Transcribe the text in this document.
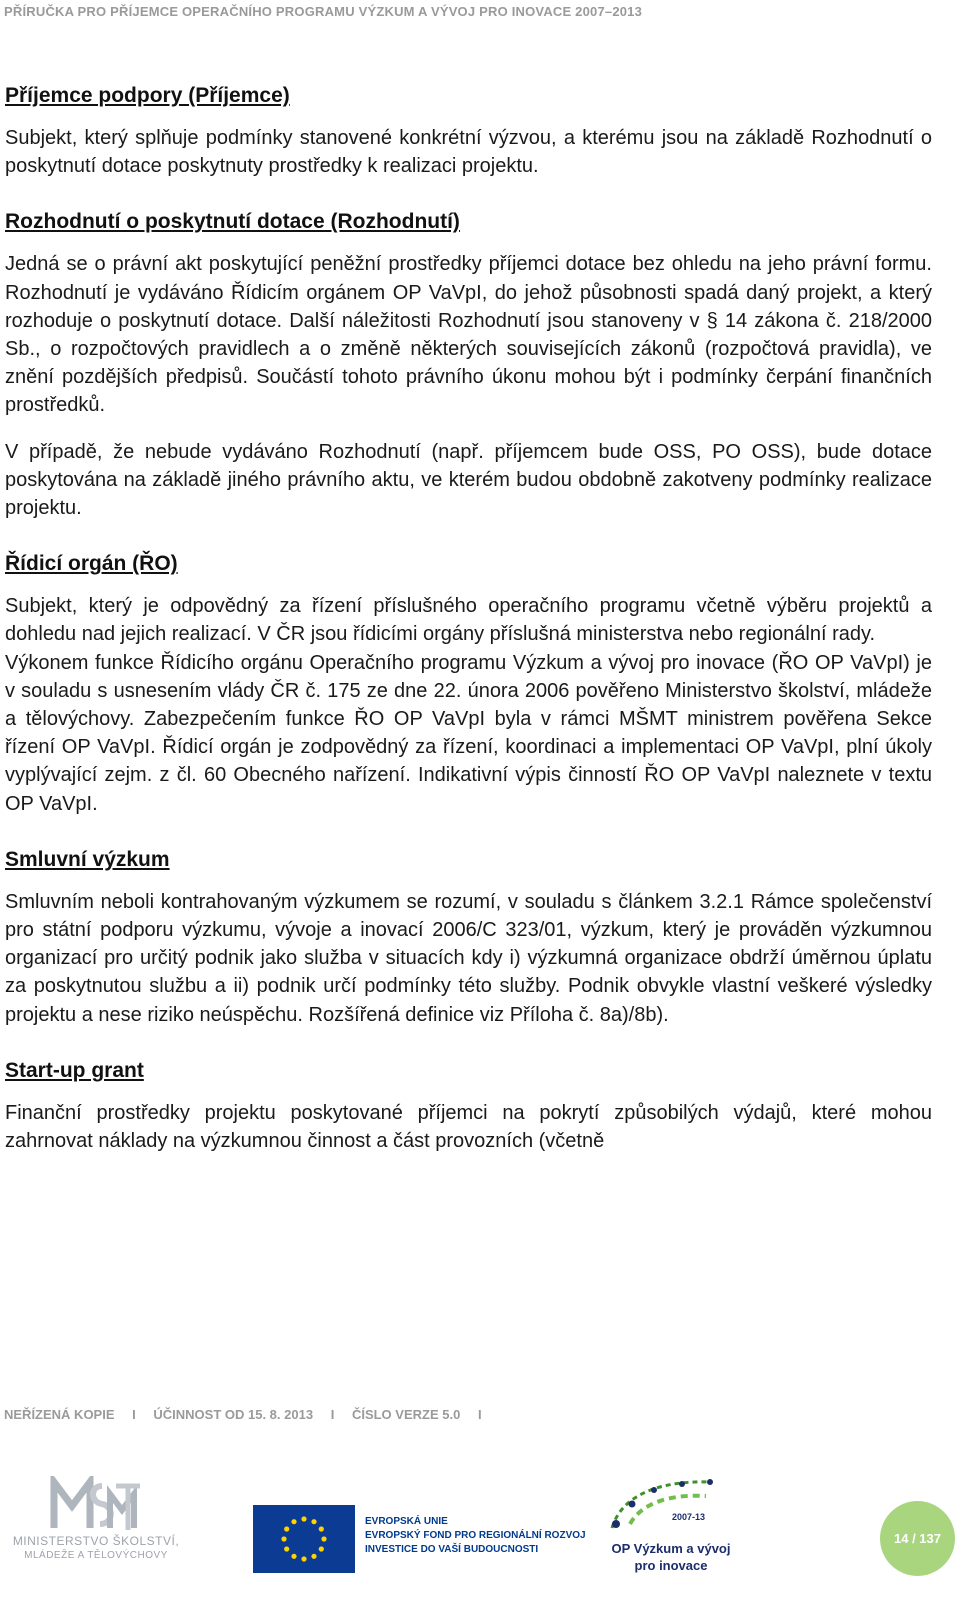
PŘÍRUČKA PRO PŘÍJEMCE OPERAČNÍHO PROGRAMU VÝZKUM A VÝVOJ PRO INOVACE 2007–2013
Příjemce podpory (Příjemce)

Subjekt, který splňuje podmínky stanovené konkrétní výzvou, a kterému jsou na základě Rozhodnutí o poskytnutí dotace poskytnuty prostředky k realizaci projektu.

Rozhodnutí o poskytnutí dotace (Rozhodnutí)

Jedná se o právní akt poskytující peněžní prostředky příjemci dotace bez ohledu na jeho právní formu. Rozhodnutí je vydáváno Řídicím orgánem OP VaVpI, do jehož působnosti spadá daný projekt, a který rozhoduje o poskytnutí dotace. Další náležitosti Rozhodnutí jsou stanoveny v § 14 zákona č. 218/2000 Sb., o rozpočtových pravidlech a o změně některých souvisejících zákonů (rozpočtová pravidla), ve znění pozdějších předpisů. Součástí tohoto právního úkonu mohou být i podmínky čerpání finančních prostředků.

V případě, že nebude vydáváno Rozhodnutí (např. příjemcem bude OSS, PO OSS), bude dotace poskytována na základě jiného právního aktu, ve kterém budou obdobně zakotveny podmínky realizace projektu.

Řídicí orgán (ŘO)

Subjekt, který je odpovědný za řízení příslušného operačního programu včetně výběru projektů a dohledu nad jejich realizací. V ČR jsou řídicími orgány příslušná ministerstva nebo regionální rady.

Výkonem funkce Řídicího orgánu Operačního programu Výzkum a vývoj pro inovace (ŘO OP VaVpI) je v souladu s usnesením vlády ČR č. 175 ze dne 22. února 2006 pověřeno Ministerstvo školství, mládeže a tělovýchovy. Zabezpečením funkce ŘO OP VaVpI byla v rámci MŠMT ministrem pověřena Sekce řízení OP VaVpI. Řídicí orgán je zodpovědný za řízení, koordinaci a implementaci OP VaVpI, plní úkoly vyplývající zejm. z čl. 60 Obecného nařízení. Indikativní výpis činností ŘO OP VaVpI naleznete v textu OP VaVpI.

Smluvní výzkum

Smluvním neboli kontrahovaným výzkumem se rozumí, v souladu s článkem 3.2.1 Rámce společenství pro státní podporu výzkumu, vývoje a inovací 2006/C 323/01, výzkum, který je prováděn výzkumnou organizací pro určitý podnik jako služba v situacích kdy i) výzkumná organizace obdrží úměrnou úplatu za poskytnutou službu a ii) podnik určí podmínky této služby. Podnik obvykle vlastní veškeré výsledky projektu a nese riziko neúspěchu. Rozšířená definice viz Příloha č. 8a)/8b).

Start-up grant

Finanční prostředky projektu poskytované příjemci na pokrytí způsobilých výdajů, které mohou zahrnovat náklady na výzkumnou činnost a část provozních (včetně

NEŘÍZENÁ KOPIE I ÚČINNOST OD 15. 8. 2013 I ČÍSLO VERZE 5.0 I
MINISTERSTVO ŠKOLSTVÍ,
MLÁDEŽE A TĚLOVÝCHOVY
EVROPSKÁ UNIE
EVROPSKÝ FOND PRO REGIONÁLNÍ ROZVOJ
INVESTICE DO VAŠÍ BUDOUCNOSTI
2007-13
OP Výzkum a vývoj
pro inovace
14 / 137
